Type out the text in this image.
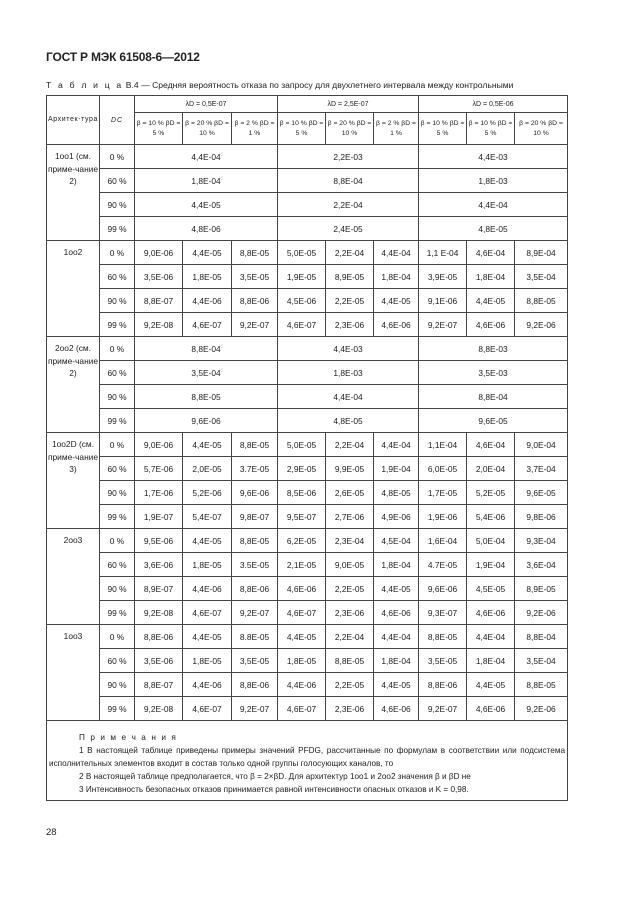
ГОСТ Р МЭК 61508-6—2012
Т а б л и ц а В.4 — Средняя вероятность отказа по запросу для двухлетнего интервала между контрольными
Архитек-тура	DC	λD = 0,5Е-07			λD = 2,5Е-07			λD = 0,5Е-06		
		β = 10 % βD = 5 %	β = 20 % βD = 10 %	β = 2 % βD = 1 %	β = 10 % βD = 5 %	β = 20 % βD = 10 %	β = 2 % βD = 1 %	β = 10 % βD = 5 %	β = 10 % βD = 5 %	β = 20 % βD = 10 %
1оо1 (см. приме-чание 2)	0 %	4,4Е-04			2,2Е-03			4,4Е-03		
	60 %	1,8Е-04			8,8Е-04			1,8Е-03		
	90 %	4,4Е-05			2,2Е-04			4,4Е-04		
	99 %	4,8Е-06			2,4Е-05			4,8Е-05		
1оо2	0 %	9,0Е-06	4,4Е-05	8,8Е-05	5,0Е-05	2,2Е-04	4,4Е-04	1,1 Е-04	4,6Е-04	8,9Е-04
	60 %	3,5Е-06	1,8Е-05	3,5Е-05	1,9Е-05	8,9Е-05	1,8Е-04	3,9Е-05	1,8Е-04	3,5Е-04
	90 %	8,8Е-07	4,4Е-06	8,8Е-06	4,5Е-06	2,2Е-05	4,4Е-05	9,1Е-06	4,4Е-05	8,8Е-05
	99 %	9,2Е-08	4,6Е-07	9,2Е-07	4,6Е-07	2,3Е-06	4,6Е-06	9,2Е-07	4,6Е-06	9,2Е-06
2оо2 (см. приме-чание 2)	0 %	8,8Е-04			4,4Е-03			8,8Е-03		
	60 %	3,5Е-04			1,8Е-03			3,5Е-03		
	90 %	8,8Е-05			4,4Е-04			8,8Е-04		
	99 %	9,6Е-06			4,8Е-05			9,6Е-05		
1оо2D (см. приме-чание 3)	0 %	9,0Е-06	4,4Е-05	8,8Е-05	5,0Е-05	2,2Е-04	4,4Е-04	1,1Е-04	4,6Е-04	9,0Е-04
	60 %	5,7Е-06	2,0Е-05	3.7Е-05	2,9Е-05	9,9Е-05	1,9Е-04	6,0Е-05	2,0Е-04	3,7Е-04
	90 %	1,7Е-06	5,2Е-06	9,6Е-06	8,5Е-06	2,6Е-05	4,8Е-05	1,7Е-05	5,2Е-05	9,6Е-05
	99 %	1,9Е-07	5,4Е-07	9,8Е-07	9,5Е-07	2,7Е-06	4,9Е-06	1,9Е-06	5,4Е-06	9,8Е-06
2оо3	0 %	9,5Е-06	4,4Е-05	8,8Е-05	6,2Е-05	2,3Е-04	4,5Е-04	1,6Е-04	5,0Е-04	9,3Е-04
	60 %	3,6Е-06	1,8Е-05	3.5Е-05	2,1Е-05	9,0Е-05	1,8Е-04	4.7Е-05	1,9Е-04	3,6Е-04
	90 %	8,9Е-07	4,4Е-06	8,8Е-06	4,6Е-06	2,2Е-05	4,4Е-05	9,6Е-06	4,5Е-05	8,9Е-05
	99 %	9,2Е-08	4,6Е-07	9,2Е-07	4,6Е-07	2,3Е-06	4,6Е-06	9,3Е-07	4,6Е-06	9,2Е-06
1оо3	0 %	8,8Е-06	4,4Е-05	8.8Е-05	4,4Е-05	2,2Е-04	4,4Е-04	8,8Е-05	4,4Е-04	8,8Е-04
	60 %	3,5Е-06	1,8Е-05	3,5Е-05	1,8Е-05	8,8Е-05	1,8Е-04	3,5Е-05	1,8Е-04	3,5Е-04
	90 %	8,8Е-07	4,4Е-06	8,8Е-06	4,4Е-06	2,2Е-05	4,4Е-05	8,8Е-06	4,4Е-05	8,8Е-05
	99 %	9,2Е-08	4,6Е-07	9,2Е-07	4,6Е-07	2,3Е-06	4,6Е-06	9,2Е-07	4,6Е-06	9,2Е-06

П р и м е ч а н и я
1 В настоящей таблице приведены примеры значений PFDG, рассчитанные по формулам в соответствии или подсистема исполнительных элементов входит в состав только одной группы голосующих каналов, то
2 В настоящей таблице предполагается, что β = 2×βD. Для архитектур 1оо1 и 2оо2 значения β и βD не
3 Интенсивность безопасных отказов принимается равной интенсивности опасных отказов и K = 0,98.										
28
